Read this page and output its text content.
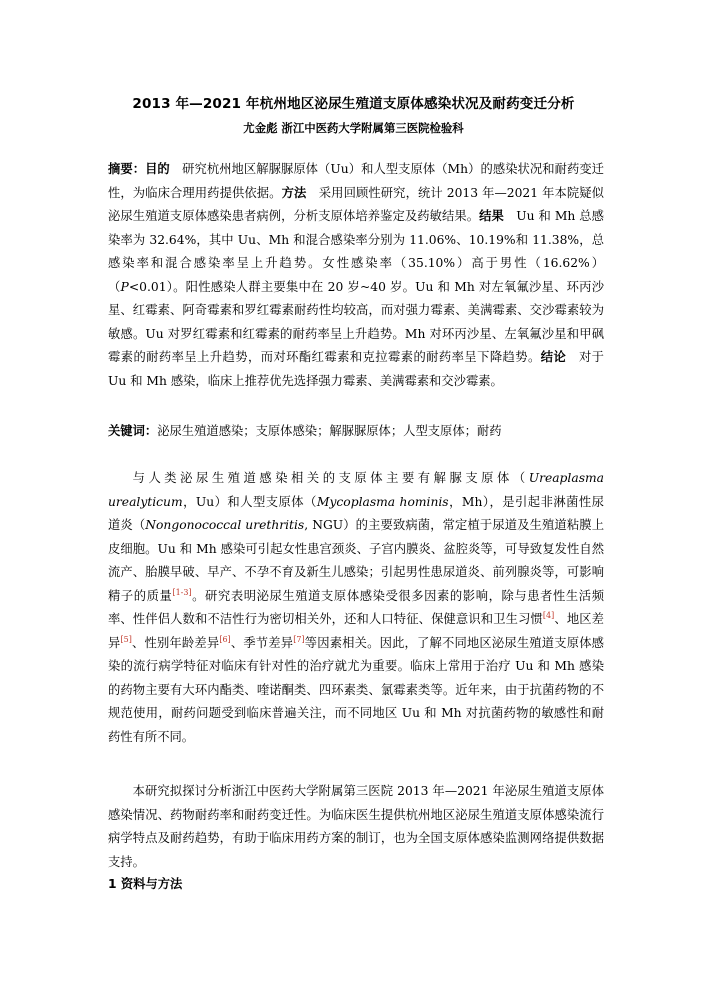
2013 年—2021 年杭州地区泌尿生殖道支原体感染状况及耐药变迁分析
尤金彪 浙江中医药大学附属第三医院检验科
摘要：目的　 研究杭州地区解脲脲原体（Uu）和人型支原体（Mh）的感染状况和耐药变迁性，为临床合理用药提供依据。方法　 采用回顾性研究，统计 2013 年—2021 年本院疑似泌尿生殖道支原体感染患者病例，分析支原体培养鉴定及药敏结果。结果　 Uu 和 Mh 总感染率为 32.64%，其中 Uu、Mh 和混合感染率分别为 11.06%、10.19%和 11.38%，总感染率和混合感染率呈上升趋势。女性感染率（35.10%）高于男性（16.62%）（P<0.01）。阳性感染人群主要集中在 20 岁~40 岁。Uu 和 Mh 对左氧氟沙星、环丙沙星、红霉素、阿奇霉素和罗红霉素耐药性均较高，而对强力霉素、美满霉素、交沙霉素较为敏感。Uu 对罗红霉素和红霉素的耐药率呈上升趋势。Mh 对环丙沙星、左氧氟沙星和甲砜霉素的耐药率呈上升趋势，而对环酯红霉素和克拉霉素的耐药率呈下降趋势。结论　 对于 Uu 和 Mh 感染，临床上推荐优先选择强力霉素、美满霉素和交沙霉素。
关键词：泌尿生殖道感染；支原体感染；解脲脲原体；人型支原体；耐药
与人类泌尿生殖道感染相关的支原体主要有解脲支原体（Ureaplasma urealyticum，Uu）和人型支原体（Mycoplasma hominis，Mh），是引起非淋菌性尿道炎（Nongonococcal urethritis, NGU）的主要致病菌，常定植于尿道及生殖道粘膜上皮细胞。Uu 和 Mh 感染可引起女性患宫颈炎、子宫内膜炎、盆腔炎等，可导致复发性自然流产、胎膜早破、早产、不孕不育及新生儿感染；引起男性患尿道炎、前列腺炎等，可影响精子的质量[1-3]。研究表明泌尿生殖道支原体感染受很多因素的影响，除与患者性生活频率、性伴侣人数和不洁性行为密切相关外，还和人口特征、保健意识和卫生习惯[4]、地区差异[5]、性别年龄差异[6]、季节差异[7]等因素相关。因此，了解不同地区泌尿生殖道支原体感染的流行病学特征对临床有针对性的治疗就尤为重要。临床上常用于治疗 Uu 和 Mh 感染的药物主要有大环内酯类、喹诺酮类、四环素类、氯霉素类等。近年来，由于抗菌药物的不规范使用，耐药问题受到临床普遍关注，而不同地区 Uu 和 Mh 对抗菌药物的敏感性和耐药性有所不同。
本研究拟探讨分析浙江中医药大学附属第三医院 2013 年—2021 年泌尿生殖道支原体感染情况、药物耐药率和耐药变迁性。为临床医生提供杭州地区泌尿生殖道支原体感染流行病学特点及耐药趋势，有助于临床用药方案的制订，也为全国支原体感染监测网络提供数据支持。
1 资料与方法
